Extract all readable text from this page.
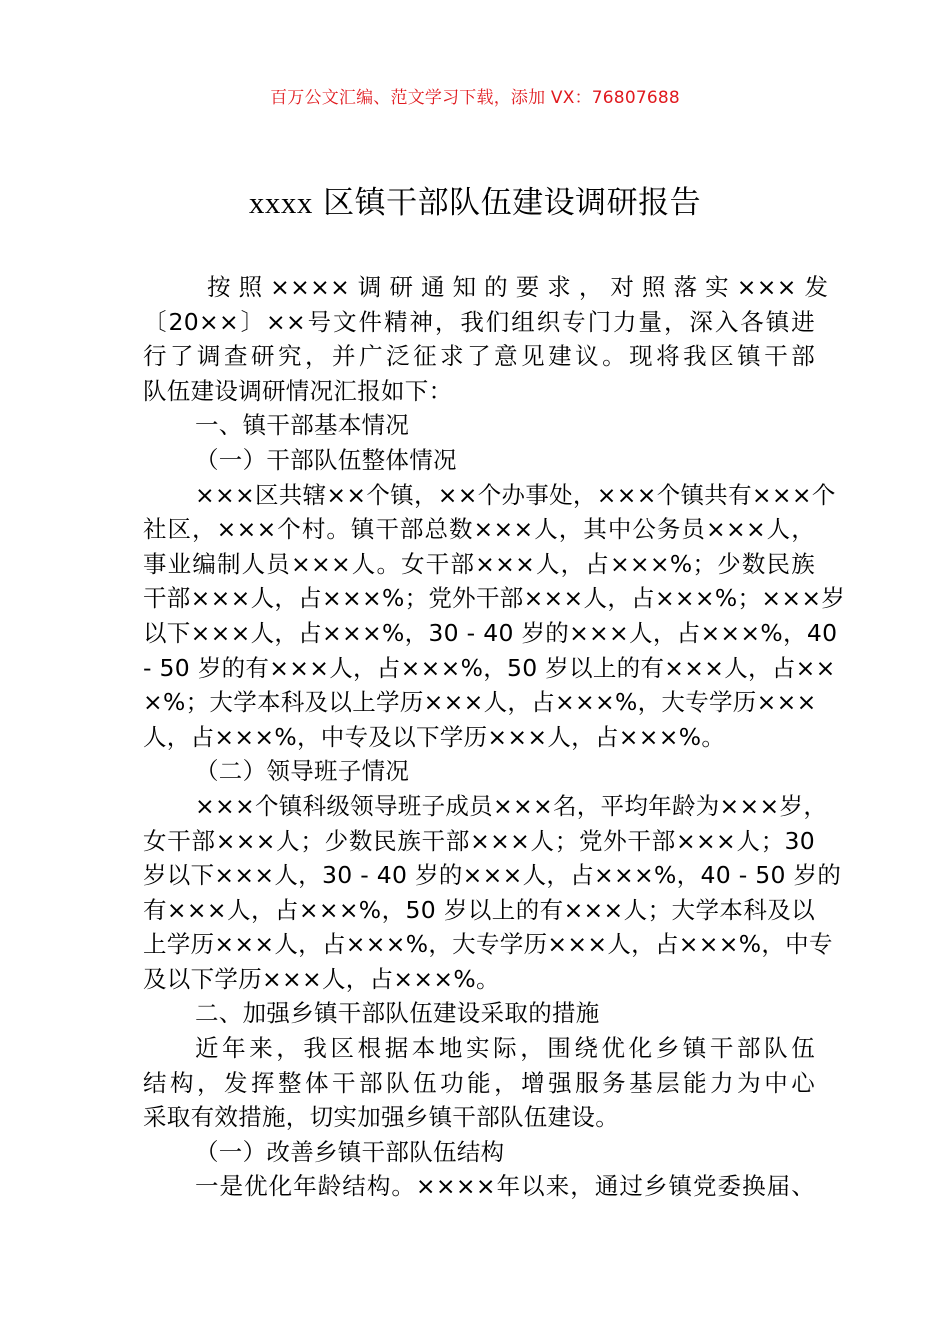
百万公文汇编、范文学习下载，添加 VX：76807688
xxxx 区镇干部队伍建设调研报告
按 照 ×××× 调 研 通 知 的 要 求 ， 对 照 落 实 ××× 发
〔20××〕××号文件精神，我们组织专门力量，深入各镇进
行了调查研究，并广泛征求了意见建议。现将我区镇干部
队伍建设调研情况汇报如下：
一、镇干部基本情况
（一）干部队伍整体情况
×××区共辖××个镇，××个办事处，×××个镇共有×××个
社区，×××个村。镇干部总数×××人，其中公务员×××人，
事业编制人员×××人。女干部×××人，占×××%；少数民族
干部×××人，占×××%；党外干部×××人，占×××%；×××岁
以下×××人，占×××%，30 - 40 岁的×××人，占×××%，40
- 50 岁的有×××人，占×××%，50 岁以上的有×××人，占××
×%；大学本科及以上学历×××人，占×××%，大专学历×××
人，占×××%，中专及以下学历×××人，占×××%。
（二）领导班子情况
×××个镇科级领导班子成员×××名，平均年龄为×××岁，
女干部×××人；少数民族干部×××人；党外干部×××人；30
岁以下×××人，30 - 40 岁的×××人，占×××%，40 - 50 岁的
有×××人，占×××%，50 岁以上的有×××人；大学本科及以
上学历×××人，占×××%，大专学历×××人，占×××%，中专
及以下学历×××人，占×××%。
二、加强乡镇干部队伍建设采取的措施
近年来，我区根据本地实际，围绕优化乡镇干部队伍
结构，发挥整体干部队伍功能，增强服务基层能力为中心
采取有效措施，切实加强乡镇干部队伍建设。
（一）改善乡镇干部队伍结构
一是优化年龄结构。××××年以来，通过乡镇党委换届、
